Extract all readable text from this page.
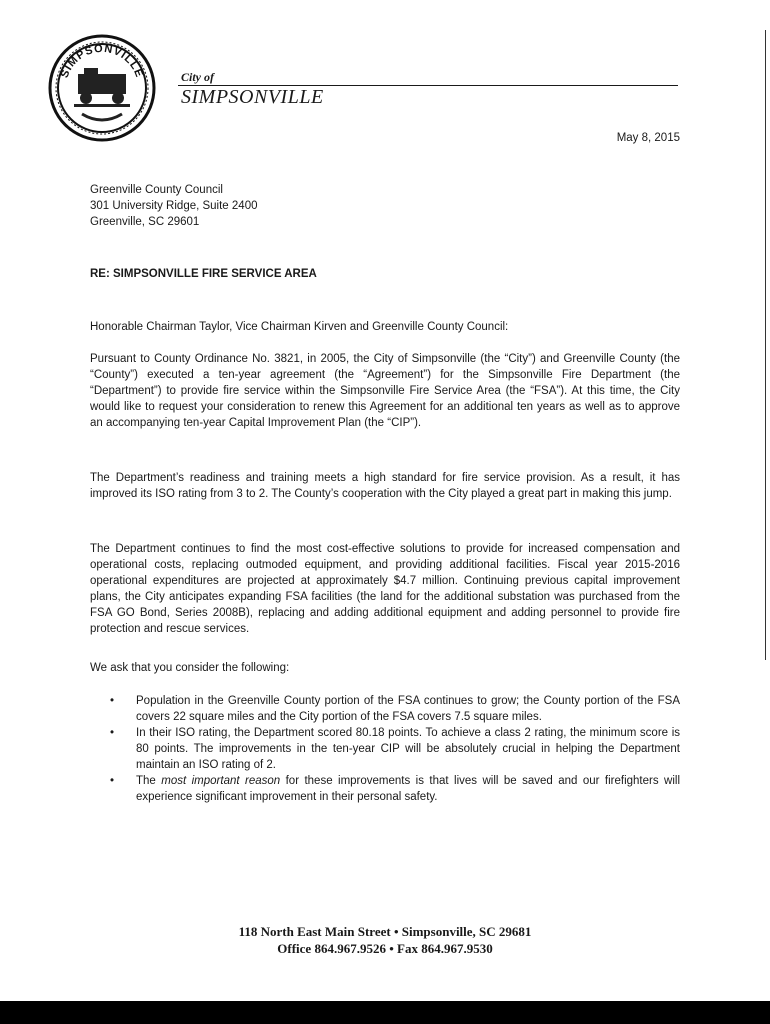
SIMPSONVILLE	City of
SIMPSONVILLE
May 8, 2015
Greenville County Council
301 University Ridge, Suite 2400
Greenville, SC 29601
RE: SIMPSONVILLE FIRE SERVICE AREA
Honorable Chairman Taylor, Vice Chairman Kirven and Greenville County Council:
Pursuant to County Ordinance No. 3821, in 2005, the City of Simpsonville (the “City”) and Greenville County (the “County”) executed a ten-year agreement (the “Agreement”) for the Simpsonville Fire Department (the “Department”) to provide fire service within the Simpsonville Fire Service Area (the “FSA”). At this time, the City would like to request your consideration to renew this Agreement for an additional ten years as well as to approve an accompanying ten-year Capital Improvement Plan (the “CIP”).
The Department’s readiness and training meets a high standard for fire service provision. As a result, it has improved its ISO rating from 3 to 2. The County’s cooperation with the City played a great part in making this jump.
The Department continues to find the most cost-effective solutions to provide for increased compensation and operational costs, replacing outmoded equipment, and providing additional facilities. Fiscal year 2015-2016 operational expenditures are projected at approximately $4.7 million. Continuing previous capital improvement plans, the City anticipates expanding FSA facilities (the land for the additional substation was purchased from the FSA GO Bond, Series 2008B), replacing and adding additional equipment and adding personnel to provide fire protection and rescue services.
We ask that you consider the following:
• Population in the Greenville County portion of the FSA continues to grow; the County portion of the FSA covers 22 square miles and the City portion of the FSA covers 7.5 square miles.
• In their ISO rating, the Department scored 80.18 points. To achieve a class 2 rating, the minimum score is 80 points. The improvements in the ten-year CIP will be absolutely crucial in helping the Department maintain an ISO rating of 2.
• The most important reason for these improvements is that lives will be saved and our firefighters will experience significant improvement in their personal safety.
118 North East Main Street • Simpsonville, SC 29681
Office 864.967.9526 • Fax 864.967.9530
